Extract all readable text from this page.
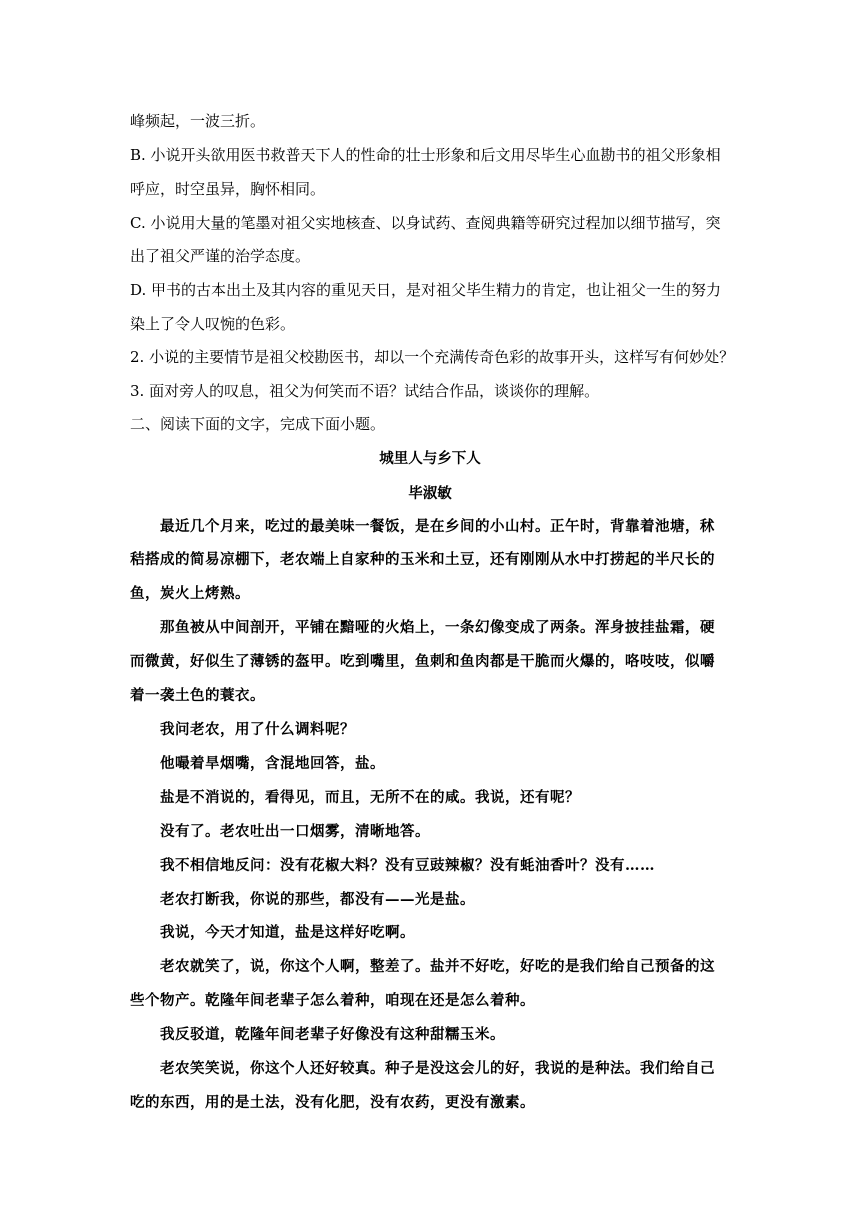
峰频起，一波三折。

B. 小说开头欲用医书救普天下人的性命的壮士形象和后文用尽毕生心血勘书的祖父形象相

呼应，时空虽异，胸怀相同。

C. 小说用大量的笔墨对祖父实地核查、以身试药、查阅典籍等研究过程加以细节描写，突

出了祖父严谨的治学态度。

D. 甲书的古本出土及其内容的重见天日，是对祖父毕生精力的肯定，也让祖父一生的努力

染上了令人叹惋的色彩。

2. 小说的主要情节是祖父校勘医书，却以一个充满传奇色彩的故事开头，这样写有何妙处？

3. 面对旁人的叹息，祖父为何笑而不语？试结合作品，谈谈你的理解。

二、阅读下面的文字，完成下面小题。

城里人与乡下人

毕淑敏

最近几个月来，吃过的最美味一餐饭，是在乡间的小山村。正午时，背靠着池塘，秫

秸搭成的简易凉棚下，老农端上自家种的玉米和土豆，还有刚刚从水中打捞起的半尺长的

鱼，炭火上烤熟。

那鱼被从中间剖开，平铺在黯哑的火焰上，一条幻像变成了两条。浑身披挂盐霜，硬

而微黄，好似生了薄锈的盔甲。吃到嘴里，鱼刺和鱼肉都是干脆而火爆的，咯吱吱，似嚼

着一袭土色的蓑衣。

我问老农，用了什么调料呢？

他嘬着旱烟嘴，含混地回答，盐。

盐是不消说的，看得见，而且，无所不在的咸。我说，还有呢？

没有了。老农吐出一口烟雾，清晰地答。

我不相信地反问：没有花椒大料？没有豆豉辣椒？没有蚝油香叶？没有……

老农打断我，你说的那些，都没有——光是盐。

我说，今天才知道，盐是这样好吃啊。

老农就笑了，说，你这个人啊，整差了。盐并不好吃，好吃的是我们给自己预备的这

些个物产。乾隆年间老辈子怎么着种，咱现在还是怎么着种。

我反驳道，乾隆年间老辈子好像没有这种甜糯玉米。

老农笑笑说，你这个人还好较真。种子是没这会儿的好，我说的是种法。我们给自己

吃的东西，用的是土法，没有化肥，没有农药，更没有激素。
